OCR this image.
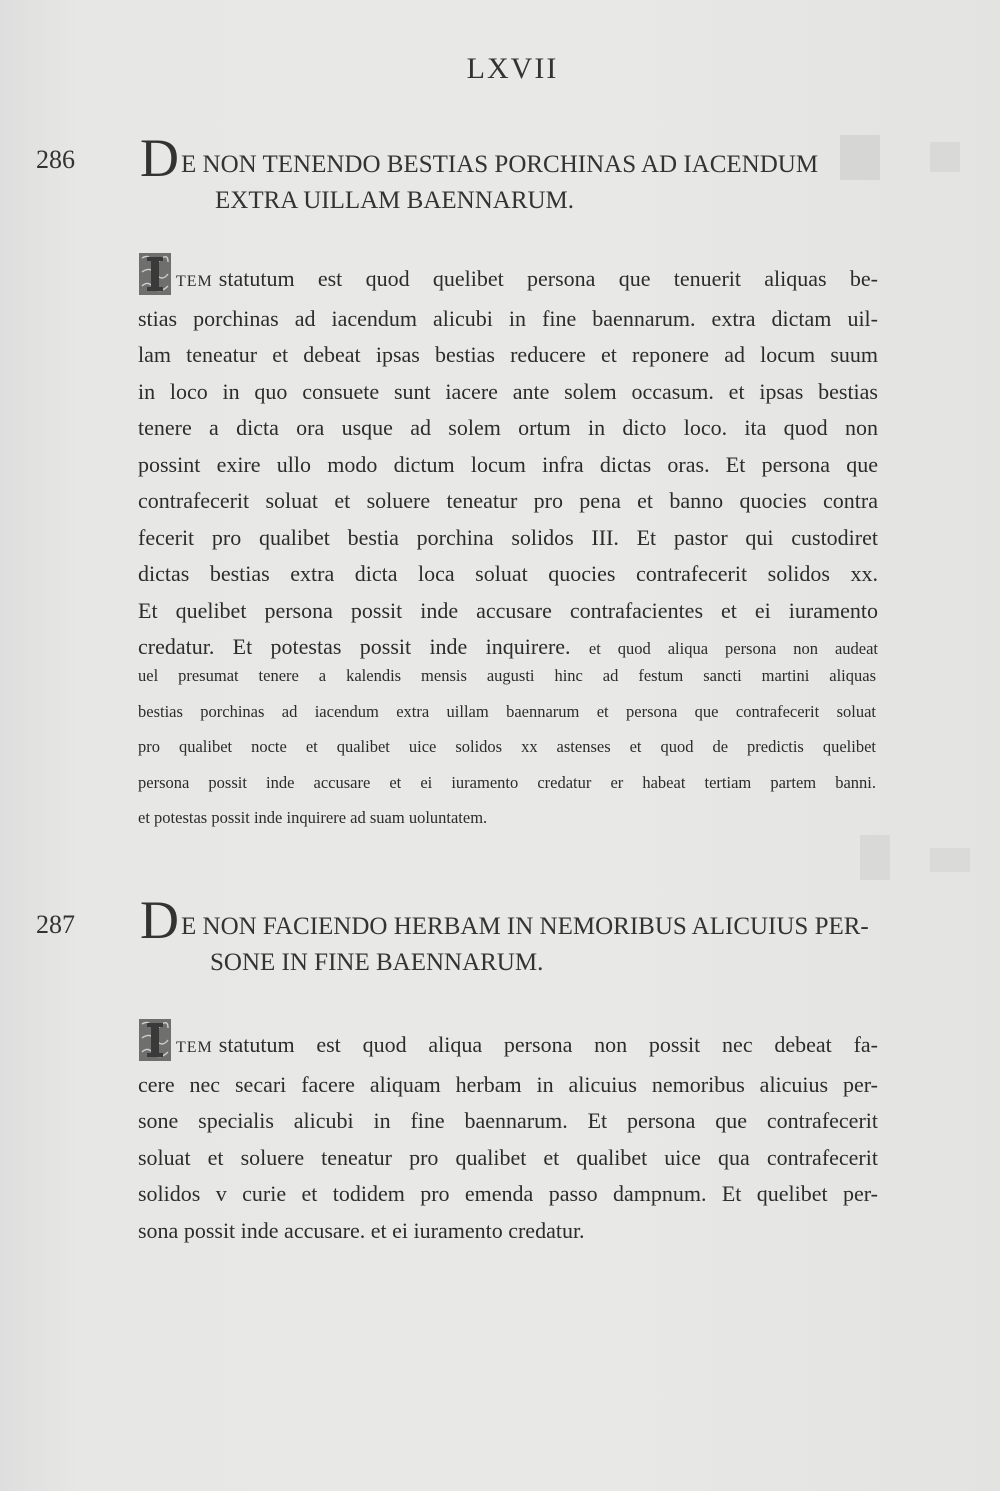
LXVII
286 DE NON TENENDO BESTIAS PORCHINAS AD IACENDUM
EXTRA UILLAM BAENNARUM.
TEM statutum est quod quelibet persona que tenuerit aliquas be-
stias porchinas ad iacendum alicubi in fine baennarum. extra dictam uil-
lam teneatur et debeat ipsas bestias reducere et reponere ad locum suum
in loco in quo consuete sunt iacere ante solem occasum. et ipsas bestias
tenere a dicta ora usque ad solem ortum in dicto loco. ita quod non
possint exire ullo modo dictum locum infra dictas oras. Et persona que
contrafecerit soluat et soluere teneatur pro pena et banno quocies contra
fecerit pro qualibet bestia porchina solidos III. Et pastor qui custodiret
dictas bestias extra dicta loca soluat quocies contrafecerit solidos xx.
Et quelibet persona possit inde accusare contrafacientes et ei iuramento
credatur. Et potestas possit inde inquirere. et quod aliqua persona non audeat
uel presumat tenere a kalendis mensis augusti hinc ad festum sancti martini aliquas
bestias porchinas ad iacendum extra uillam baennarum et persona que contrafecerit soluat
pro qualibet nocte et qualibet uice solidos xx astenses et quod de predictis quelibet
persona possit inde accusare et ei iuramento credatur er habeat tertiam partem banni.
et potestas possit inde inquirere ad suam uoluntatem.
287 DE NON FACIENDO HERBAM IN NEMORIBUS ALICUIUS PER-
SONE IN FINE BAENNARUM.
TEM statutum est quod aliqua persona non possit nec debeat fa-
cere nec secari facere aliquam herbam in alicuius nemoribus alicuius per-
sone specialis alicubi in fine baennarum. Et persona que contrafecerit
soluat et soluere teneatur pro qualibet et qualibet uice qua contrafecerit
solidos v curie et todidem pro emenda passo dampnum. Et quelibet per-
sona possit inde accusare. et ei iuramento credatur.
